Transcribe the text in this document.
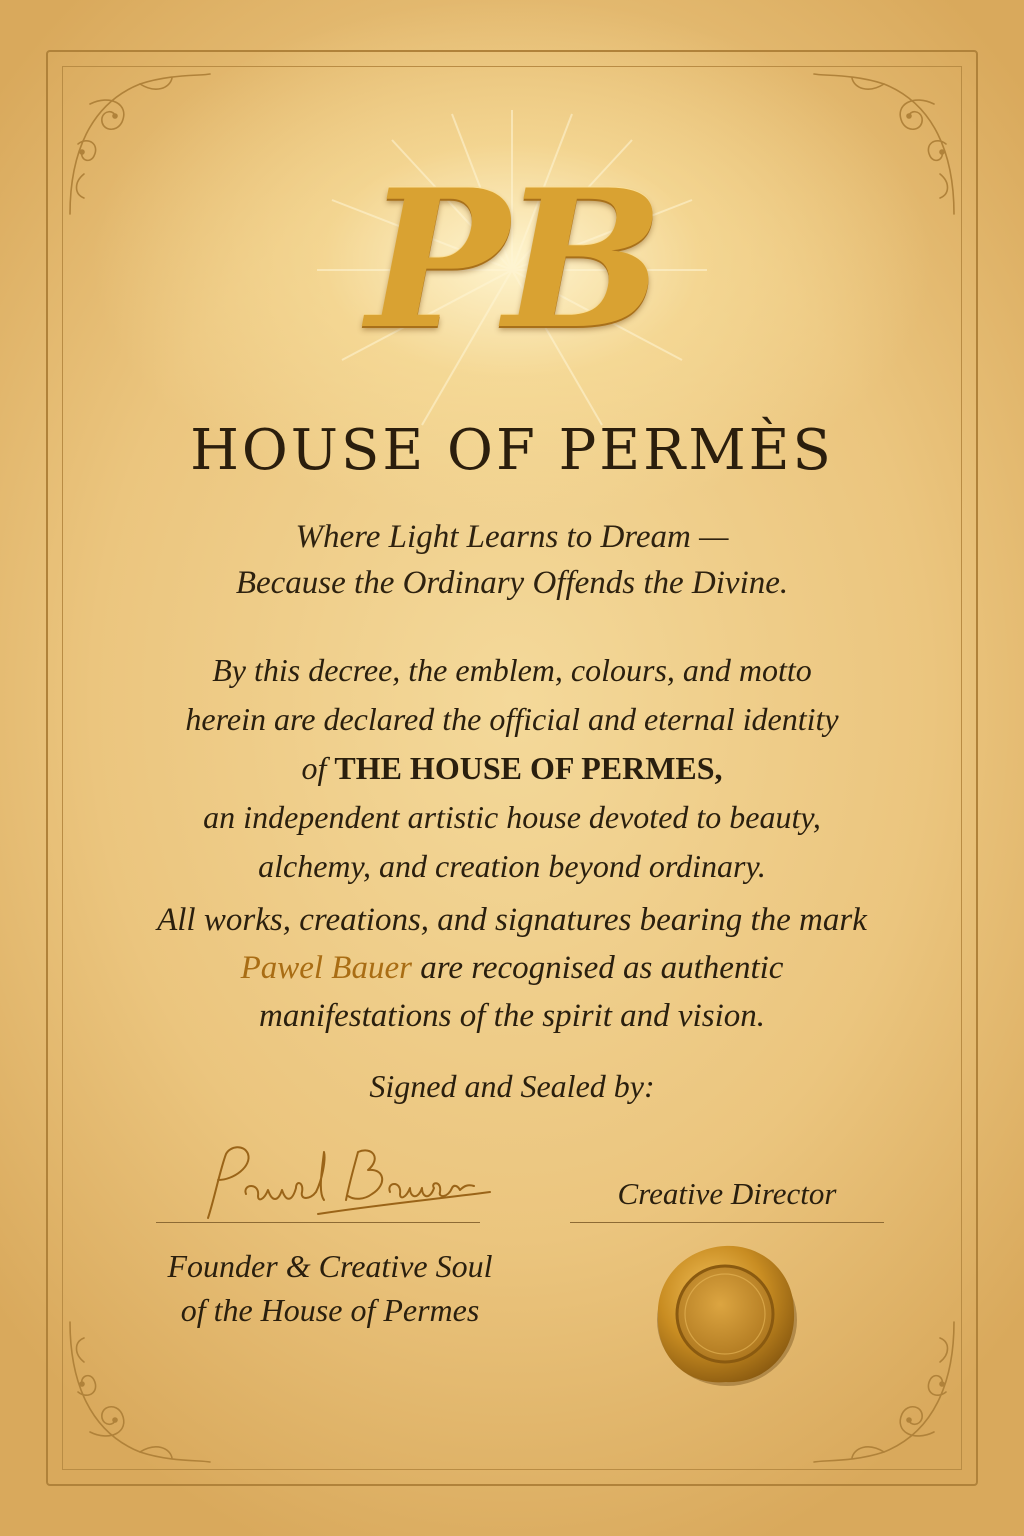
PB
HOUSE OF PERMÈS
Where Light Learns to Dream —
Because the Ordinary Offends the Divine.
By this decree, the emblem, colours, and motto
herein are declared the official and eternal identity
of THE HOUSE OF PERMES,
an independent artistic house devoted to beauty,
alchemy, and creation beyond ordinary.
All works, creations, and signatures bearing the mark
Pawel Bauer are recognised as authentic
manifestations of the spirit and vision.
Signed and Sealed by:
Creative Director
Founder & Creative Soul
of the House of Permes
